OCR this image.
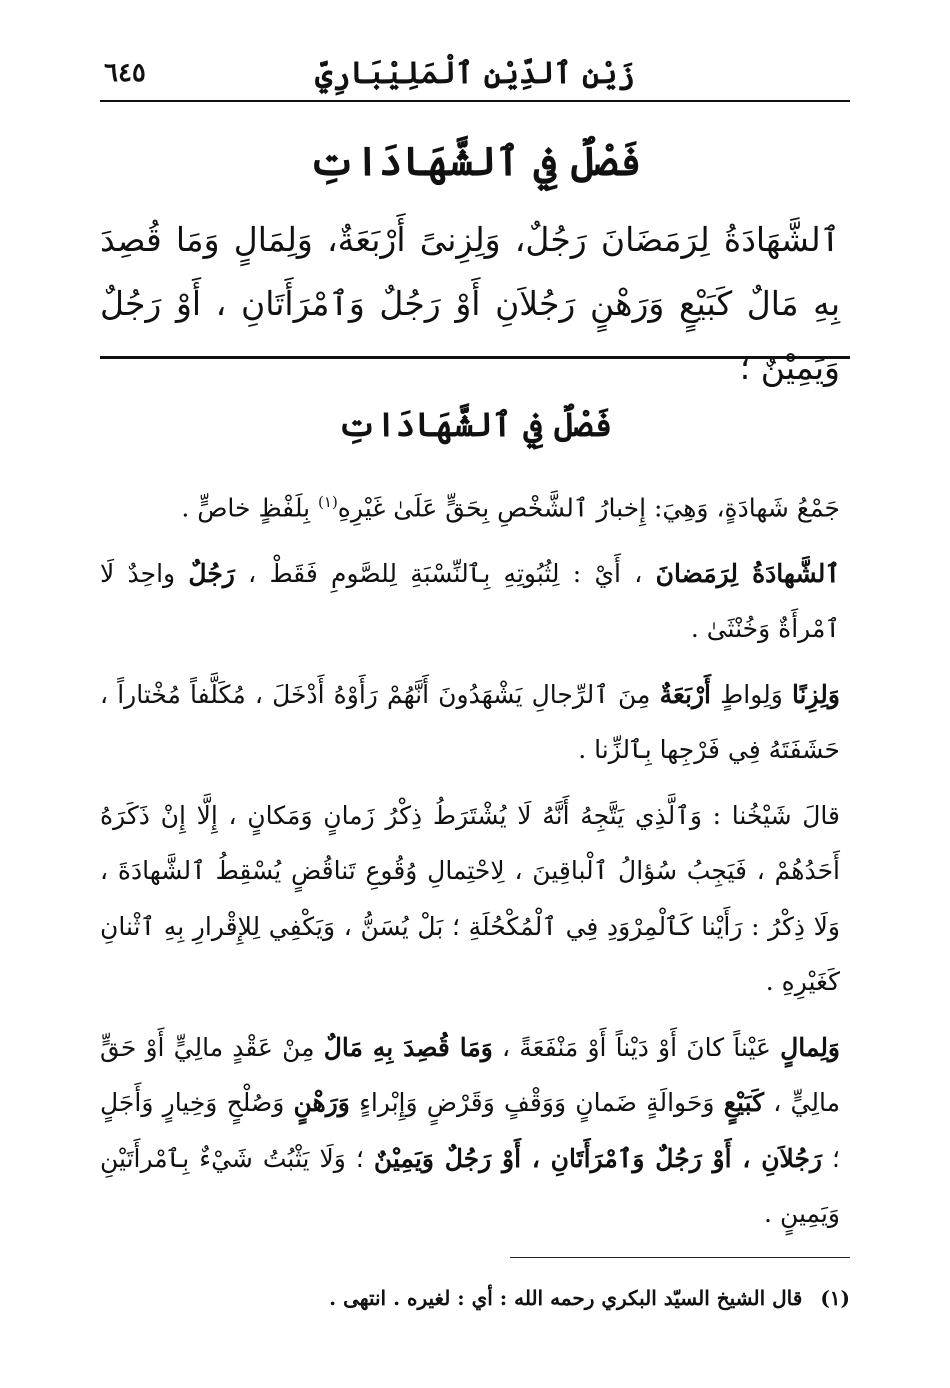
زَيْن ٱلدِّيْنِ ٱلْمَلِيْبَارِيِّ
٦٤٥
فَصْلٌ فِي ٱلشَّهَادَاتِ
ٱلشَّهَادَةُ لِرَمَضَانَ رَجُلٌ، وَلِزِنىً أَرْبَعَةٌ، وَلِمَالٍ وَمَا قُصِدَ بِهِ مَالٌ كَبَيْعٍ وَرَهْنٍ رَجُلاَنِ أَوْ رَجُلٌ وَٱمْرَأَتَانِ ، أَوْ رَجُلٌ وَيَمِيْنٌ ؛
فَصْلٌ فِي ٱلشَّهَادَاتِ

جَمْعُ شَهادَةٍ، وَهِيَ: إِخبارُ ٱلشَّخْصِ بِحَقٍّ عَلَىٰ غَيْرِهِ(١) بِلَفْظٍ خاصٍّ .

ٱلشَّهادَةُ لِرَمَضانَ ، أَيْ : لِثُبُوتِهِ بِٱلنِّسْبَةِ لِلصَّومِ فَقَطْ ، رَجُلٌ واحِدٌ لَا ٱمْرأَةٌ وَخُنْثَىٰ .

وَلِزِنًا وَلِواطٍ أَرْبَعَةٌ مِنَ ٱلرِّجالِ يَشْهَدُونَ أَنَّهُمْ رَأَوْهُ أَدْخَلَ ، مُكَلَّفاً مُخْتاراً ، حَشَفَتَهُ فِي فَرْجِها بِٱلزِّنا .

قالَ شَيْخُنا : وَٱلَّذِي يَتَّجِهُ أَنَّهُ لَا يُشْتَرَطُ ذِكْرُ زَمانٍ وَمَكانٍ ، إِلَّا إِنْ ذَكَرَهُ أَحَدُهُمْ ، فَيَجِبُ سُؤالُ ٱلْباقِينَ ، لِاحْتِمالِ وُقُوعِ تَناقُضٍ يُسْقِطُ ٱلشَّهادَةَ ، وَلَا ذِكْرُ : رَأَيْنا كَٱلْمِرْوَدِ فِي ٱلْمُكْحُلَةِ ؛ بَلْ يُسَنُّ ، وَيَكْفِي لِلإِقْرارِ بِهِ ٱثْنانِ كَغَيْرِهِ .

وَلِمالٍ عَيْناً كانَ أَوْ دَيْناً أَوْ مَنْفَعَةً ، وَمَا قُصِدَ بِهِ مَالٌ مِنْ عَقْدٍ مالِيٍّ أَوْ حَقٍّ مالِيٍّ ، كَبَيْعٍ وَحَوالَةٍ ضَمانٍ وَوَقْفٍ وَقَرْضٍ وَإِبْراءٍ وَرَهْنٍ وَصُلْحٍ وَخِيارٍ وَأَجَلٍ ؛ رَجُلاَنِ ، أَوْ رَجُلٌ وَٱمْرَأَتَانِ ، أَوْ رَجُلٌ وَيَمِيْنٌ ؛ وَلَا يَثْبُتُ شَيْءٌ بِٱمْرأَتَيْنِ وَيَمِينٍ .

(١)قال الشيخ السيّد البكري رحمه الله : أي : لغيره . انتهى .
